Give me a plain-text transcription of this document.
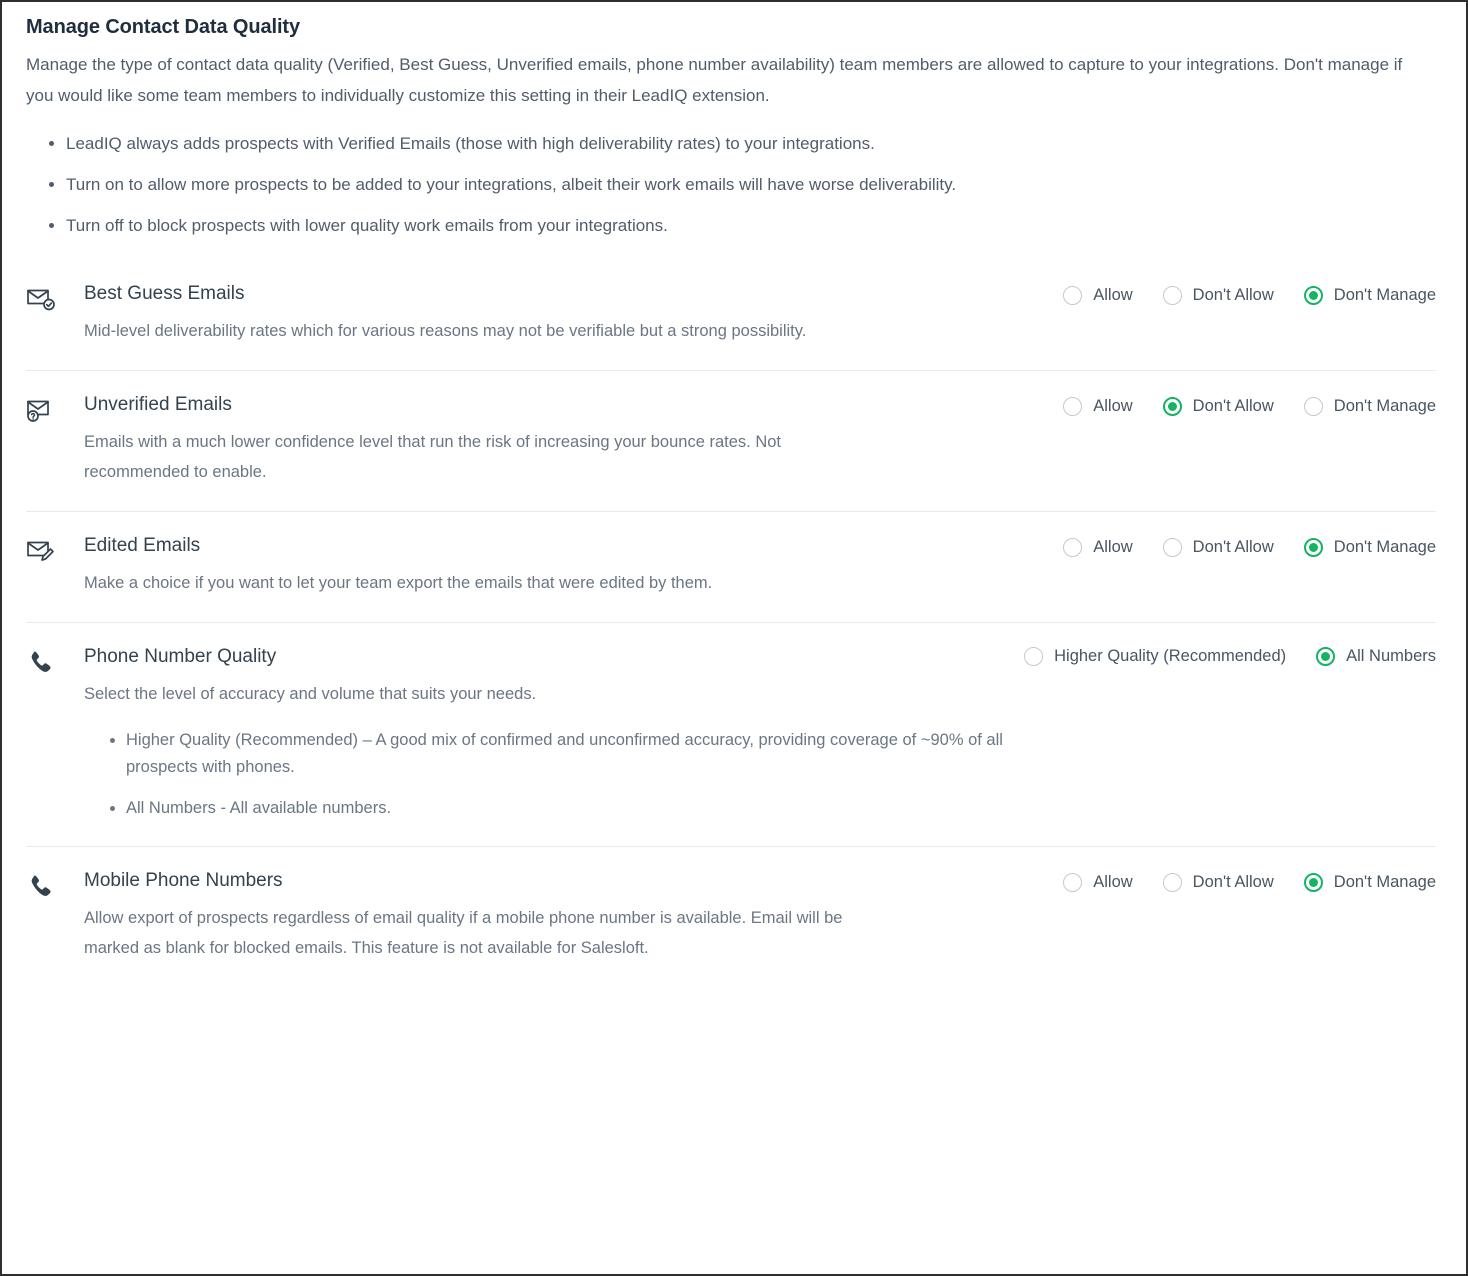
Manage Contact Data Quality

Manage the type of contact data quality (Verified, Best Guess, Unverified emails, phone number availability) team members are allowed to capture to your integrations. Don't manage if you would like some team members to individually customize this setting in their LeadIQ extension.

• LeadIQ always adds prospects with Verified Emails (those with high deliverability rates) to your integrations.
• Turn on to allow more prospects to be added to your integrations, albeit their work emails will have worse deliverability.
• Turn off to block prospects with lower quality work emails from your integrations.
Best Guess Emails

Mid-level deliverability rates which for various reasons may not be verifiable but a strong possibility.

Allow	Don't Allow	Don't Manage
Unverified Emails

Emails with a much lower confidence level that run the risk of increasing your bounce rates. Not recommended to enable.

Allow	Don't Allow	Don't Manage
Edited Emails

Make a choice if you want to let your team export the emails that were edited by them.

Allow	Don't Allow	Don't Manage
Phone Number Quality

Select the level of accuracy and volume that suits your needs.

• Higher Quality (Recommended) – A good mix of confirmed and unconfirmed accuracy, providing coverage of ~90% of all prospects with phones.
• All Numbers - All available numbers.
Higher Quality (Recommended)	All Numbers
Mobile Phone Numbers

Allow export of prospects regardless of email quality if a mobile phone number is available. Email will be marked as blank for blocked emails. This feature is not available for Salesloft.

Allow	Don't Allow	Don't Manage
